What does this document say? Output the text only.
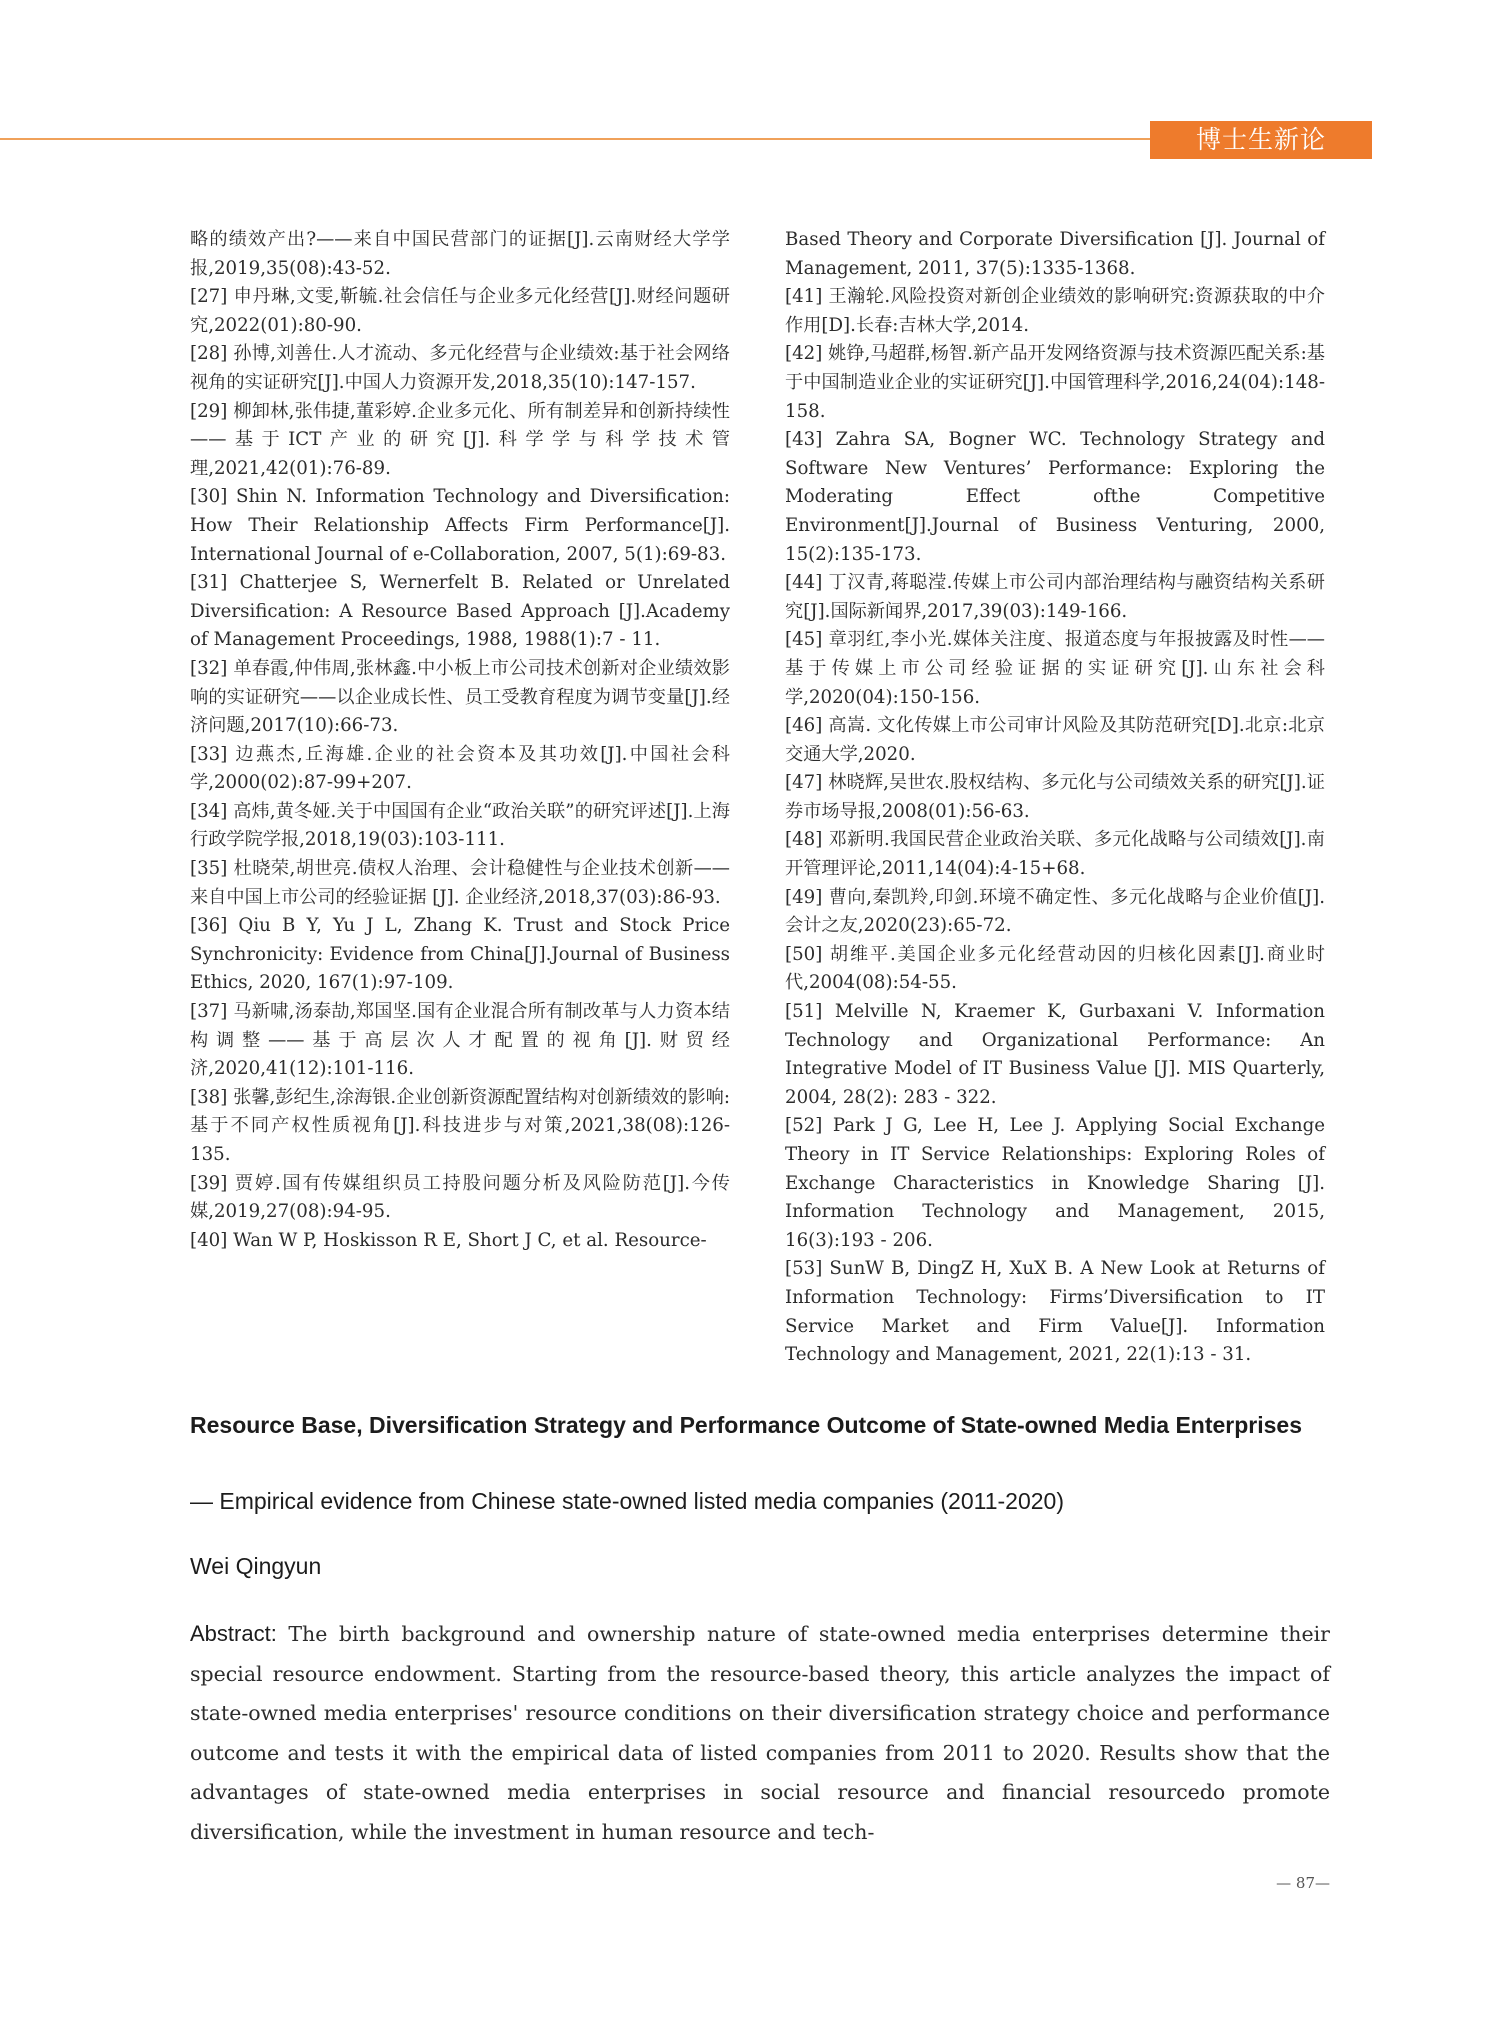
博士生新论

略的绩效产出?——来自中国民营部门的证据[J].云南财经大学学报,2019,35(08):43-52.

[27] 申丹琳,文雯,靳毓.社会信任与企业多元化经营[J].财经问题研究,2022(01):80-90.

[28] 孙博,刘善仕.人才流动、多元化经营与企业绩效:基于社会网络视角的实证研究[J].中国人力资源开发,2018,35(10):147-157.

[29] 柳卸林,张伟捷,董彩婷.企业多元化、所有制差异和创新持续性——基于ICT产业的研究[J].科学学与科学技术管理,2021,42(01):76-89.

[30] Shin N. Information Technology and Diversification: How Their Relationship Affects Firm Performance[J]. International Journal of e-Collaboration, 2007, 5(1):69-83.

[31] Chatterjee S, Wernerfelt B. Related or Unrelated Diversification: A Resource Based Approach [J].Academy of Management Proceedings, 1988, 1988(1):7 - 11.

[32] 单春霞,仲伟周,张林鑫.中小板上市公司技术创新对企业绩效影响的实证研究——以企业成长性、员工受教育程度为调节变量[J].经济问题,2017(10):66-73.

[33] 边燕杰,丘海雄.企业的社会资本及其功效[J].中国社会科学,2000(02):87-99+207.

[34] 高炜,黄冬娅.关于中国国有企业“政治关联”的研究评述[J].上海行政学院学报,2018,19(03):103-111.

[35] 杜晓荣,胡世亮.债权人治理、会计稳健性与企业技术创新——来自中国上市公司的经验证据 [J]. 企业经济,2018,37(03):86-93.

[36] Qiu B Y, Yu J L, Zhang K. Trust and Stock Price Synchronicity: Evidence from China[J].Journal of Business Ethics, 2020, 167(1):97-109.

[37] 马新啸,汤泰劼,郑国坚.国有企业混合所有制改革与人力资本结构调整——基于高层次人才配置的视角[J].财贸经济,2020,41(12):101-116.

[38] 张馨,彭纪生,涂海银.企业创新资源配置结构对创新绩效的影响:基于不同产权性质视角[J].科技进步与对策,2021,38(08):126-135.

[39] 贾婷.国有传媒组织员工持股问题分析及风险防范[J].今传媒,2019,27(08):94-95.

[40] Wan W P, Hoskisson R E, Short J C, et al. Resource-

Based Theory and Corporate Diversification [J]. Journal of Management, 2011, 37(5):1335-1368.

[41] 王瀚轮.风险投资对新创企业绩效的影响研究:资源获取的中介作用[D].长春:吉林大学,2014.

[42] 姚铮,马超群,杨智.新产品开发网络资源与技术资源匹配关系:基于中国制造业企业的实证研究[J].中国管理科学,2016,24(04):148-158.

[43] Zahra SA, Bogner WC. Technology Strategy and Software New Ventures’ Performance: Exploring the Moderating Effect ofthe Competitive Environment[J].Journal of Business Venturing, 2000, 15(2):135-173.

[44] 丁汉青,蒋聪滢.传媒上市公司内部治理结构与融资结构关系研究[J].国际新闻界,2017,39(03):149-166.

[45] 章羽红,李小光.媒体关注度、报道态度与年报披露及时性——基于传媒上市公司经验证据的实证研究[J].山东社会科学,2020(04):150-156.

[46] 高嵩. 文化传媒上市公司审计风险及其防范研究[D].北京:北京交通大学,2020.

[47] 林晓辉,吴世农.股权结构、多元化与公司绩效关系的研究[J].证券市场导报,2008(01):56-63.

[48] 邓新明.我国民营企业政治关联、多元化战略与公司绩效[J].南开管理评论,2011,14(04):4-15+68.

[49] 曹向,秦凯羚,印剑.环境不确定性、多元化战略与企业价值[J].会计之友,2020(23):65-72.

[50] 胡维平.美国企业多元化经营动因的归核化因素[J].商业时代,2004(08):54-55.

[51] Melville N, Kraemer K, Gurbaxani V. Information Technology and Organizational Performance: An Integrative Model of IT Business Value [J]. MIS Quarterly, 2004, 28(2): 283 - 322.

[52] Park J G, Lee H, Lee J. Applying Social Exchange Theory in IT Service Relationships: Exploring Roles of Exchange Characteristics in Knowledge Sharing [J]. Information Technology and Management, 2015, 16(3):193 - 206.

[53] SunW B, DingZ H, XuX B. A New Look at Returns of Information Technology: Firms’Diversification to IT Service Market and Firm Value[J]. Information Technology and Management, 2021, 22(1):13 - 31.

Resource Base, Diversification Strategy and Performance Outcome of State-owned Media Enterprises
— Empirical evidence from Chinese state-owned listed media companies (2011-2020)
Wei Qingyun
Abstract: The birth background and ownership nature of state-owned media enterprises determine their special resource endowment. Starting from the resource-based theory, this article analyzes the impact of state-owned media enterprises' resource conditions on their diversification strategy choice and performance outcome and tests it with the empirical data of listed companies from 2011 to 2020. Results show that the advantages of state-owned media enterprises in social resource and financial resourcedo promote diversification, while the investment in human resource and tech-
— 87—
